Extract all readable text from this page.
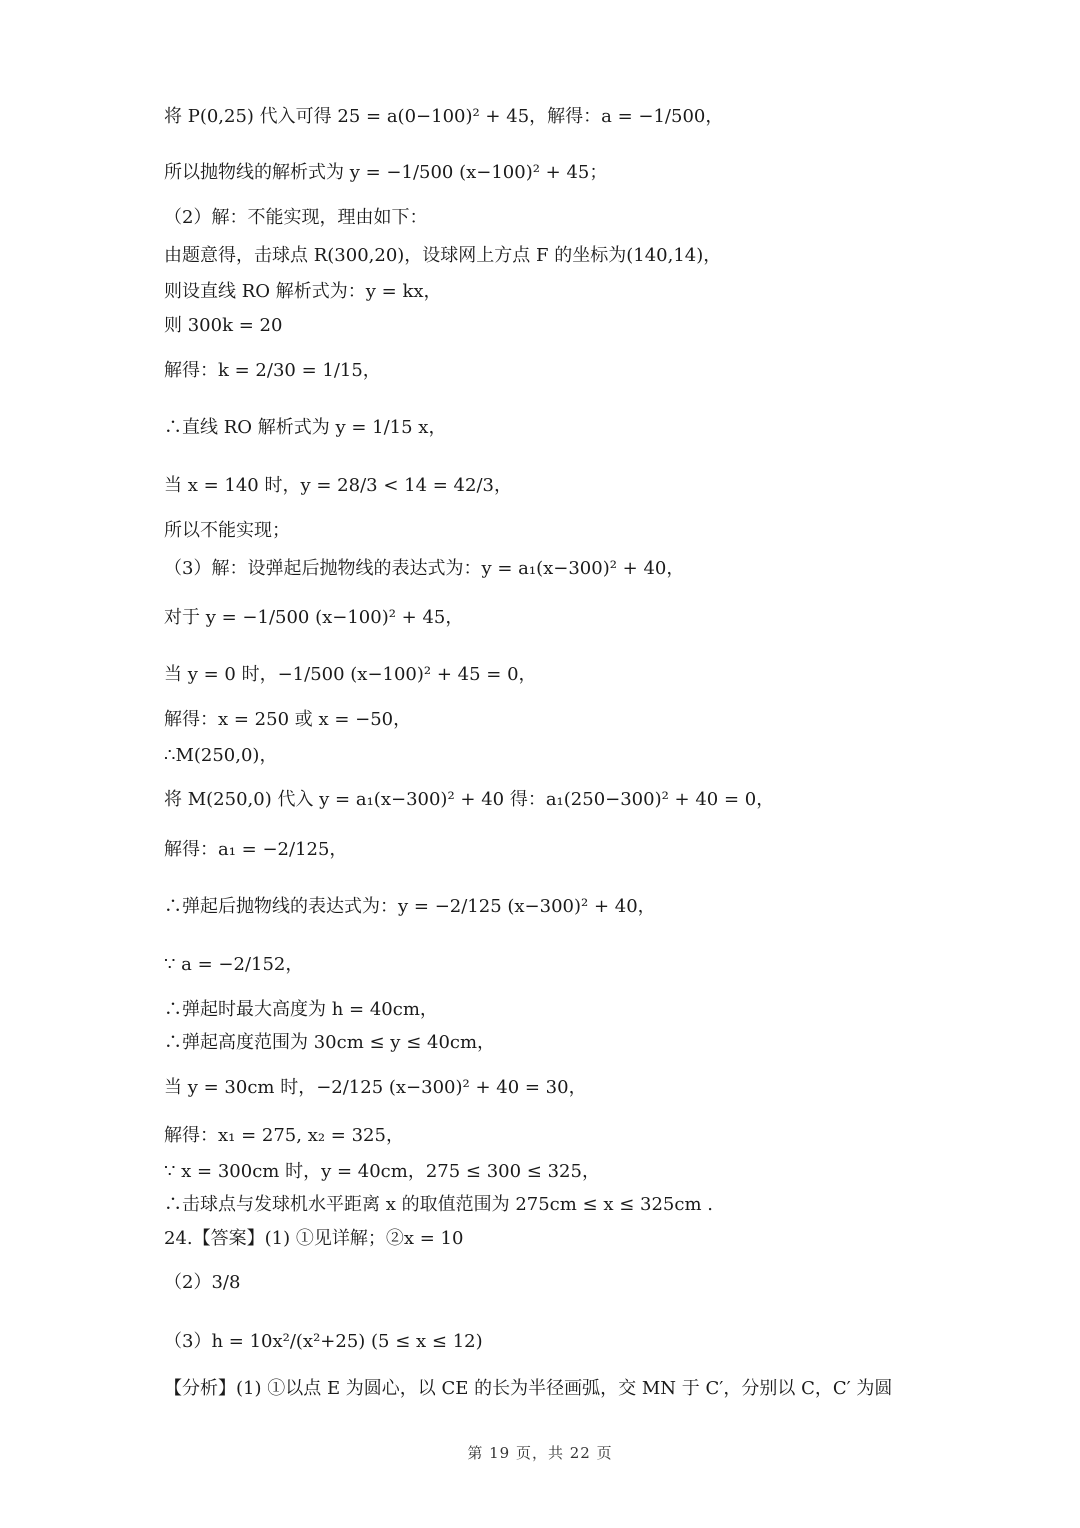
将 P(0,25) 代入可得 25 = a(0−100)² + 45，解得：a = −1/500，
所以抛物线的解析式为 y = −1/500 (x−100)² + 45；
（2）解：不能实现，理由如下：
由题意得，击球点 R(300,20)，设球网上方点 F 的坐标为(140,14)，
则设直线 RO 解析式为：y = kx，
则 300k = 20
解得：k = 2/30 = 1/15，
∴直线 RO 解析式为 y = 1/15 x，
当 x = 140 时，y = 28/3 < 14 = 42/3，
所以不能实现；
（3）解：设弹起后抛物线的表达式为：y = a₁(x−300)² + 40，
对于 y = −1/500 (x−100)² + 45，
当 y = 0 时，−1/500 (x−100)² + 45 = 0，
解得：x = 250 或 x = −50，
∴M(250,0)，
将 M(250,0) 代入 y = a₁(x−300)² + 40 得：a₁(250−300)² + 40 = 0，
解得：a₁ = −2/125，
∴弹起后抛物线的表达式为：y = −2/125 (x−300)² + 40，
∵ a = −2/152，
∴弹起时最大高度为 h = 40cm，
∴弹起高度范围为 30cm ≤ y ≤ 40cm，
当 y = 30cm 时，−2/125 (x−300)² + 40 = 30，
解得：x₁ = 275, x₂ = 325，
∵ x = 300cm 时，y = 40cm，275 ≤ 300 ≤ 325，
∴击球点与发球机水平距离 x 的取值范围为 275cm ≤ x ≤ 325cm .
24.【答案】(1) ①见详解；②x = 10
（2）3/8
（3）h = 10x²/(x²+25) (5 ≤ x ≤ 12)
【分析】(1) ①以点 E 为圆心，以 CE 的长为半径画弧，交 MN 于 C′，分别以 C，C′ 为圆
第 19 页，共 22 页
